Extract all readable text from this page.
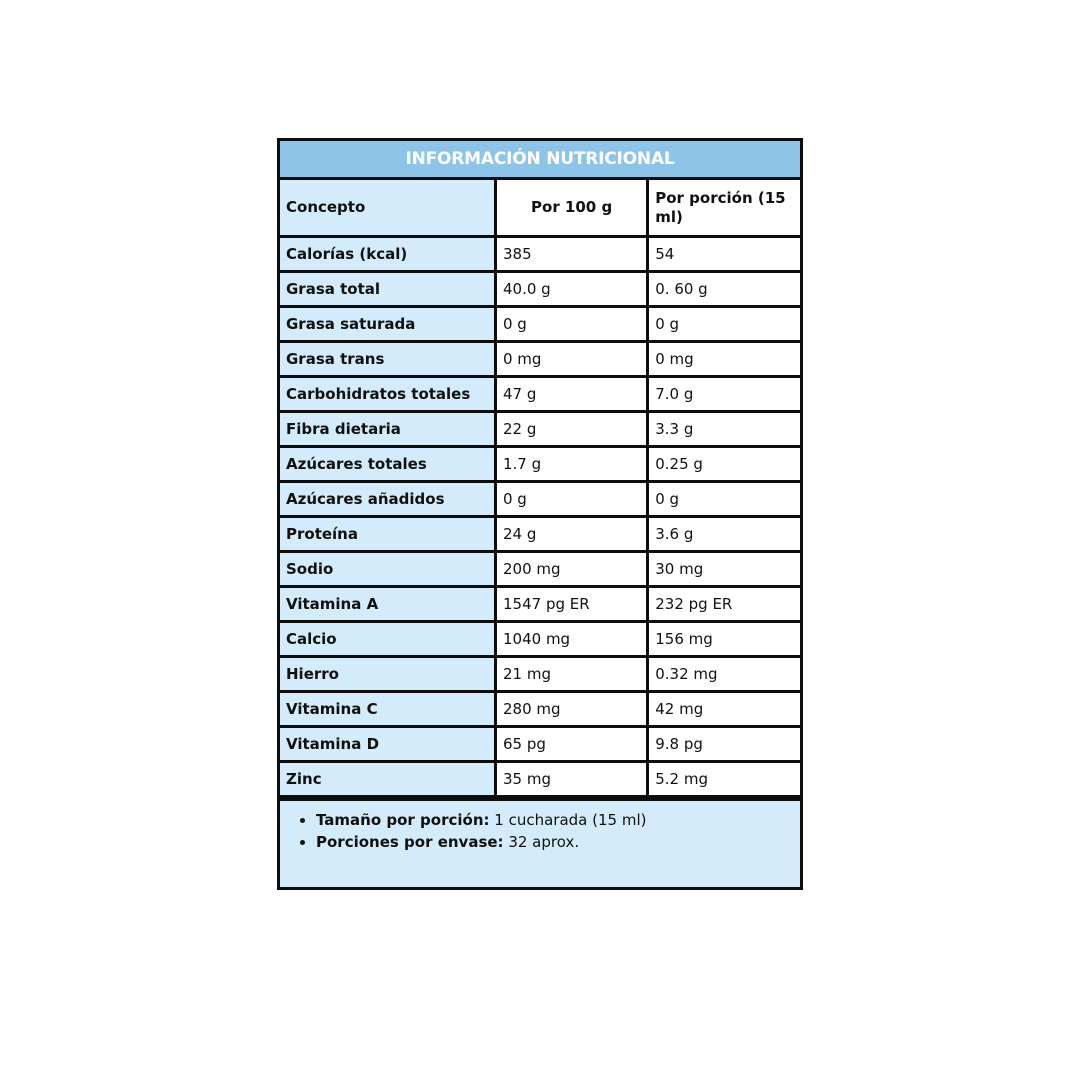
INFORMACIÓN NUTRICIONAL
Concepto	Por 100 g	Por porción (15 ml)
Calorías (kcal)	385	54
Grasa total	40.0 g	0. 60 g
Grasa saturada	0 g	0 g
Grasa trans	0 mg	0 mg
Carbohidratos totales	47 g	7.0 g
Fibra dietaria	22 g	3.3 g
Azúcares totales	1.7 g	0.25 g
Azúcares añadidos	0 g	0 g
Proteína	24 g	3.6 g
Sodio	200 mg	30 mg
Vitamina A	1547 pg ER	232 pg ER
Calcio	1040 mg	156 mg
Hierro	21 mg	0.32 mg
Vitamina C	280 mg	42 mg
Vitamina D	65 pg	9.8 pg
Zinc	35 mg	5.2 mg
• Tamaño por porción: 1 cucharada (15 ml)
• Porciones por envase: 32 aprox.
